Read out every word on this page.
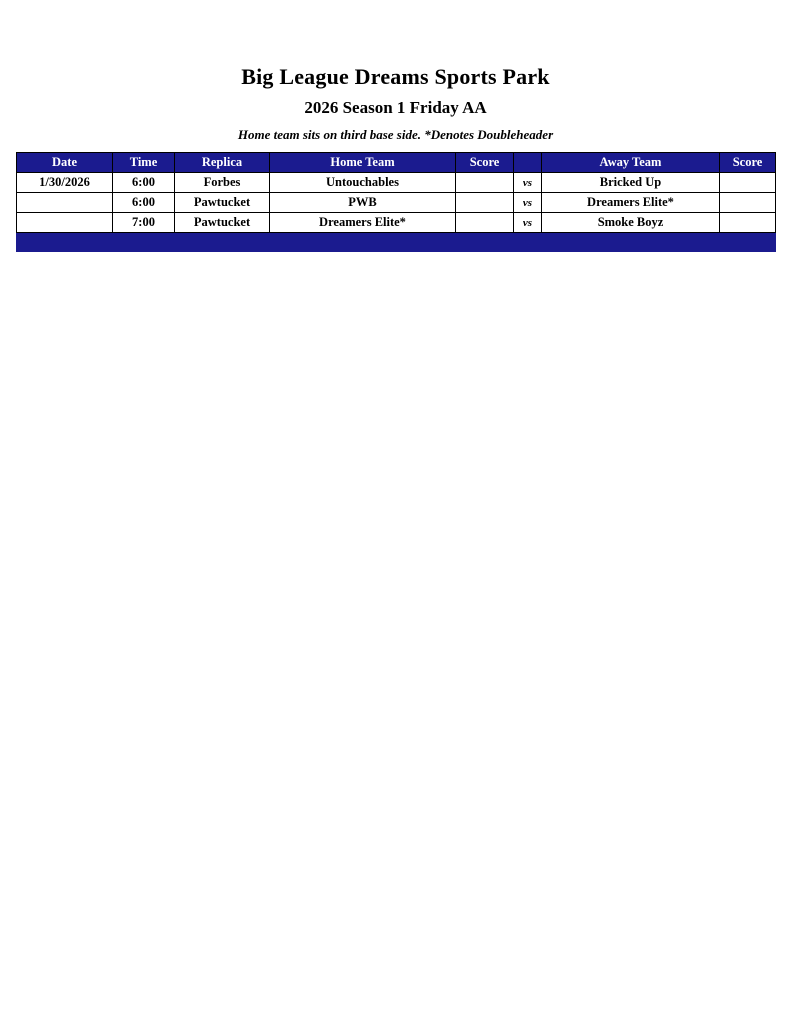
Big League Dreams Sports Park
2026 Season 1 Friday AA
Home team sits on third base side. *Denotes Doubleheader
Date	Time	Replica	Home Team	Score		Away Team	Score
1/30/2026	6:00	Forbes	Untouchables		vs	Bricked Up	
	6:00	Pawtucket	PWB		vs	Dreamers Elite*	
	7:00	Pawtucket	Dreamers Elite*		vs	Smoke Boyz	
